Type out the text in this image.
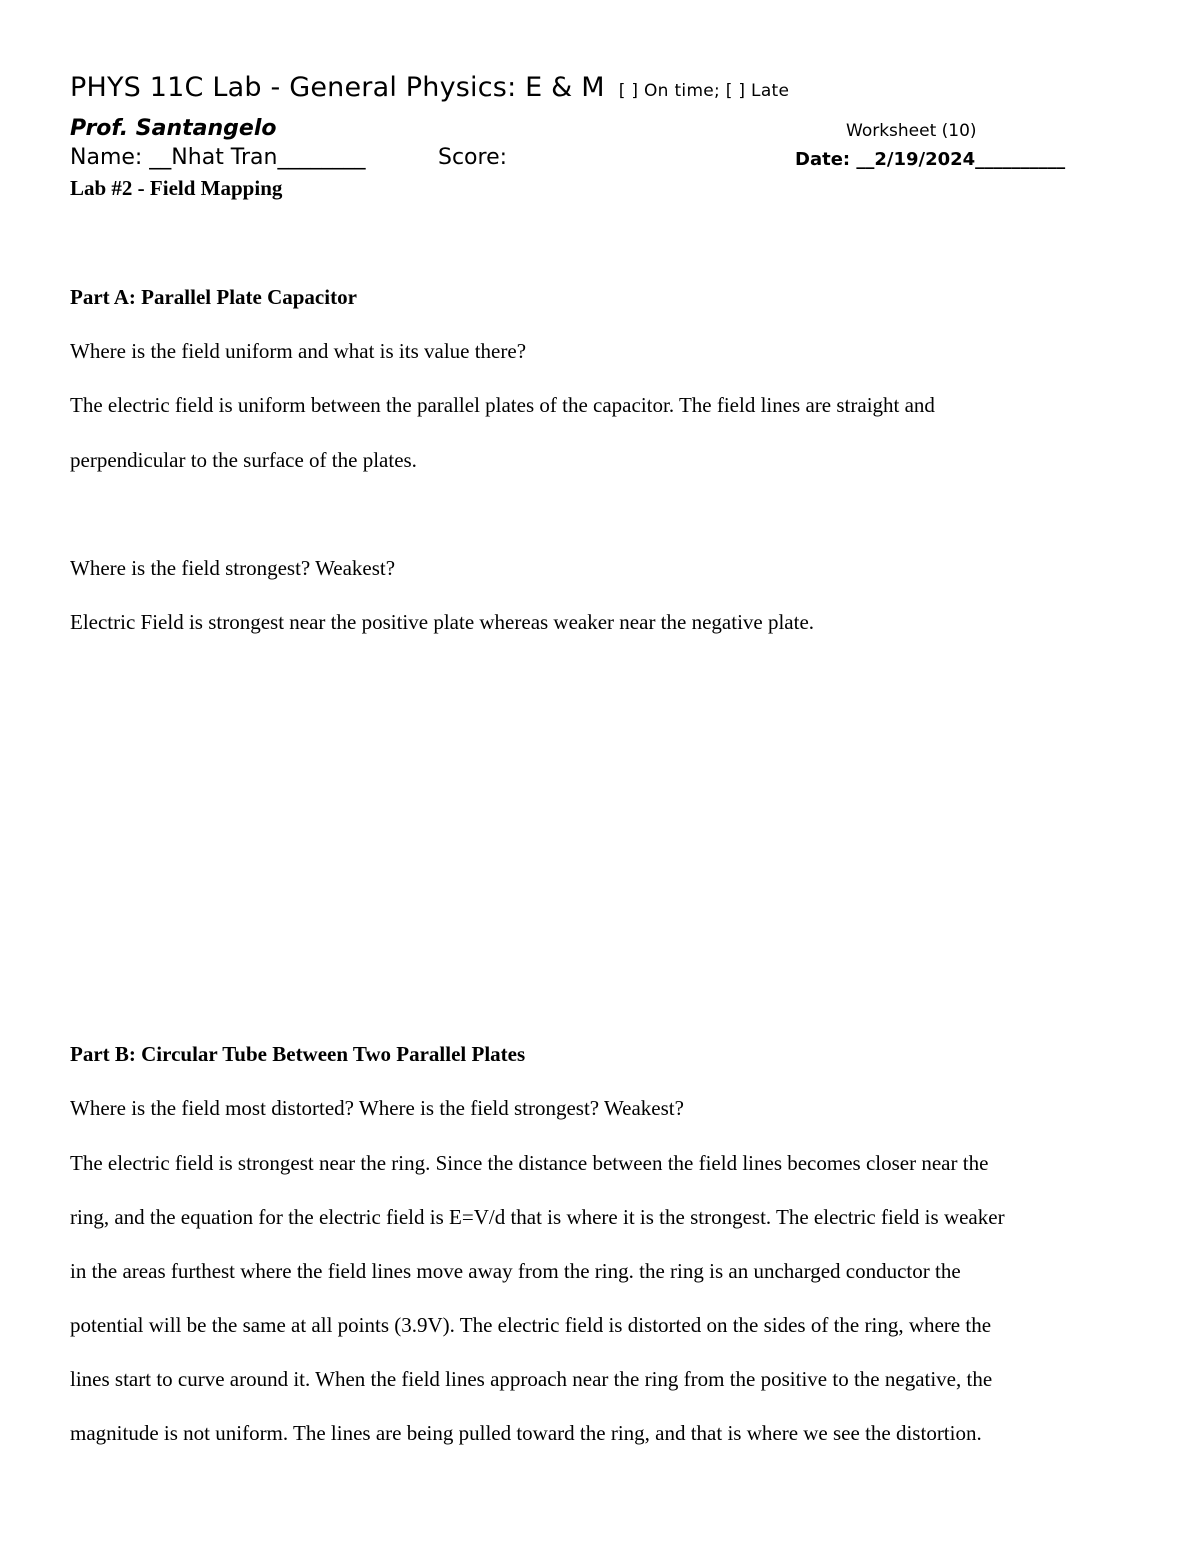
PHYS 11C Lab - General Physics: E & M [ ] On time; [ ] Late
Prof. Santangelo	Worksheet (10)
Name: __Nhat Tran________	Score:	Date: __2/19/2024__________
Lab #2 - Field Mapping
Part A: Parallel Plate Capacitor
Where is the field uniform and what is its value there?
The electric field is uniform between the parallel plates of the capacitor. The field lines are straight and
perpendicular to the surface of the plates.
Where is the field strongest? Weakest?
Electric Field is strongest near the positive plate whereas weaker near the negative plate.
Part B: Circular Tube Between Two Parallel Plates
Where is the field most distorted? Where is the field strongest? Weakest?
The electric field is strongest near the ring. Since the distance between the field lines becomes closer near the
ring, and the equation for the electric field is E=V/d that is where it is the strongest. The electric field is weaker
in the areas furthest where the field lines move away from the ring. the ring is an uncharged conductor the
potential will be the same at all points (3.9V). The electric field is distorted on the sides of the ring, where the
lines start to curve around it. When the field lines approach near the ring from the positive to the negative, the
magnitude is not uniform. The lines are being pulled toward the ring, and that is where we see the distortion.
